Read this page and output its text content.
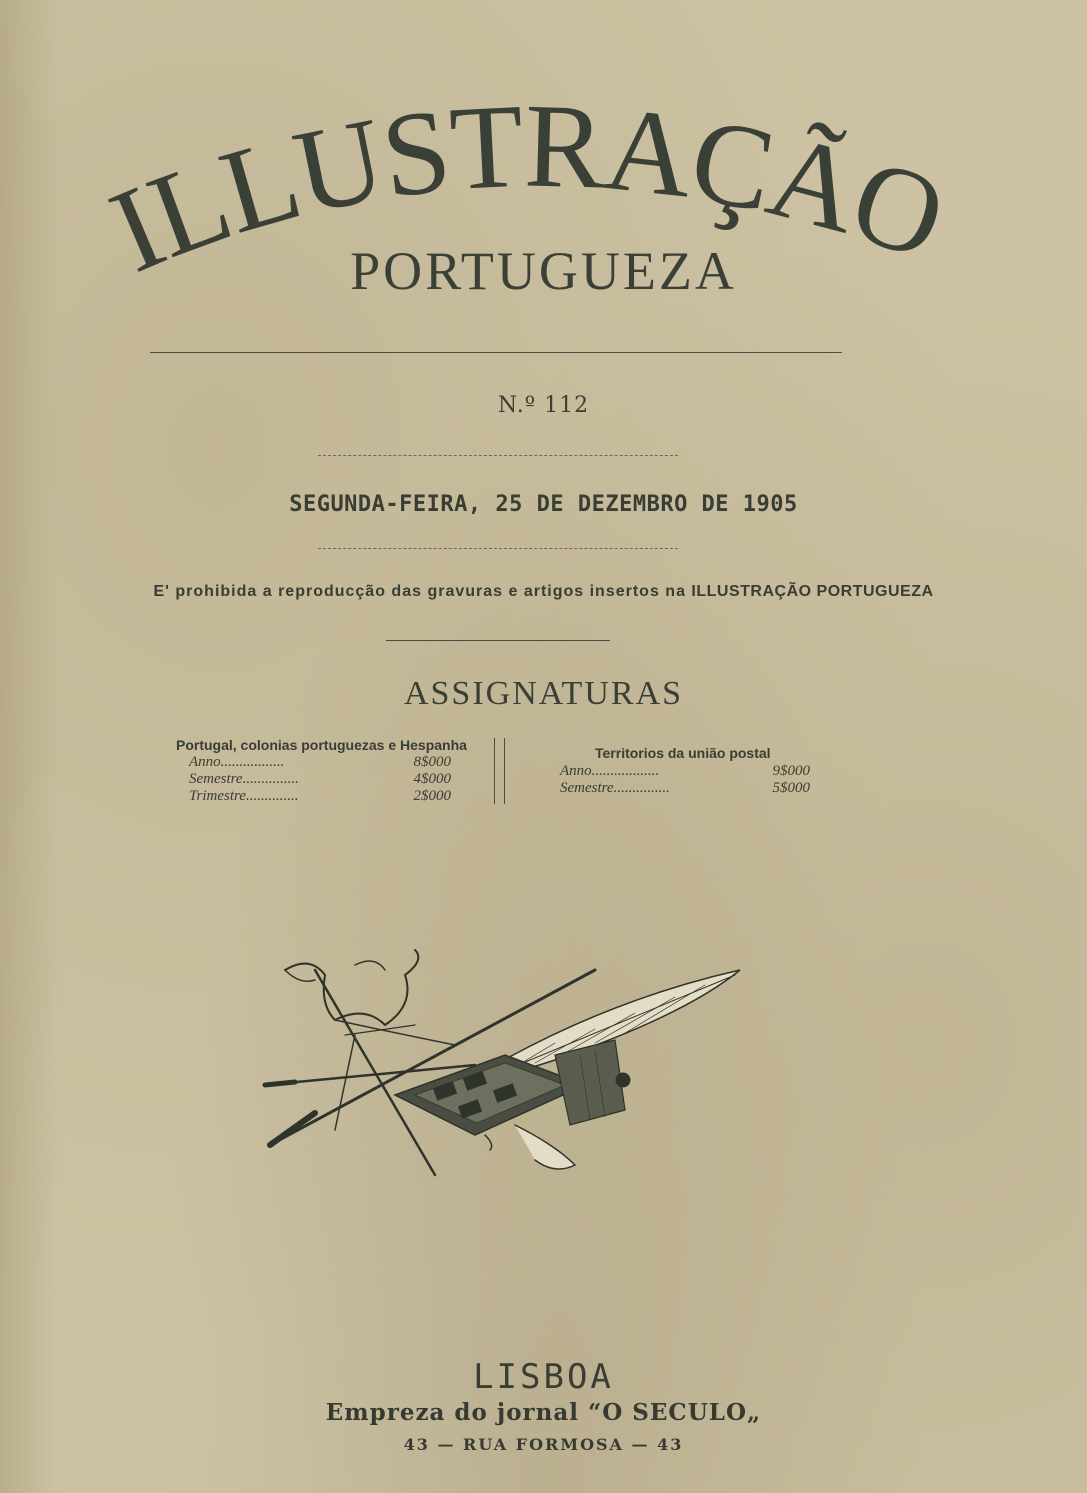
ILLUSTRAÇÃO
PORTUGUEZA
N.º 112
SEGUNDA-FEIRA, 25 DE DEZEMBRO DE 1905
E' prohibida a reproducção das gravuras e artigos insertos na ILLUSTRAÇÃO PORTUGUEZA
ASSIGNATURAS
Portugal, colonias portuguezas e Hespanha
Anno.................	8$000
Semestre...............	4$000
Trimestre..............	2$000
Territorios da união postal
Anno..................	9$000
Semestre...............	5$000
LISBOA
Empreza do jornal “O SECULO„
43 — RUA FORMOSA — 43
